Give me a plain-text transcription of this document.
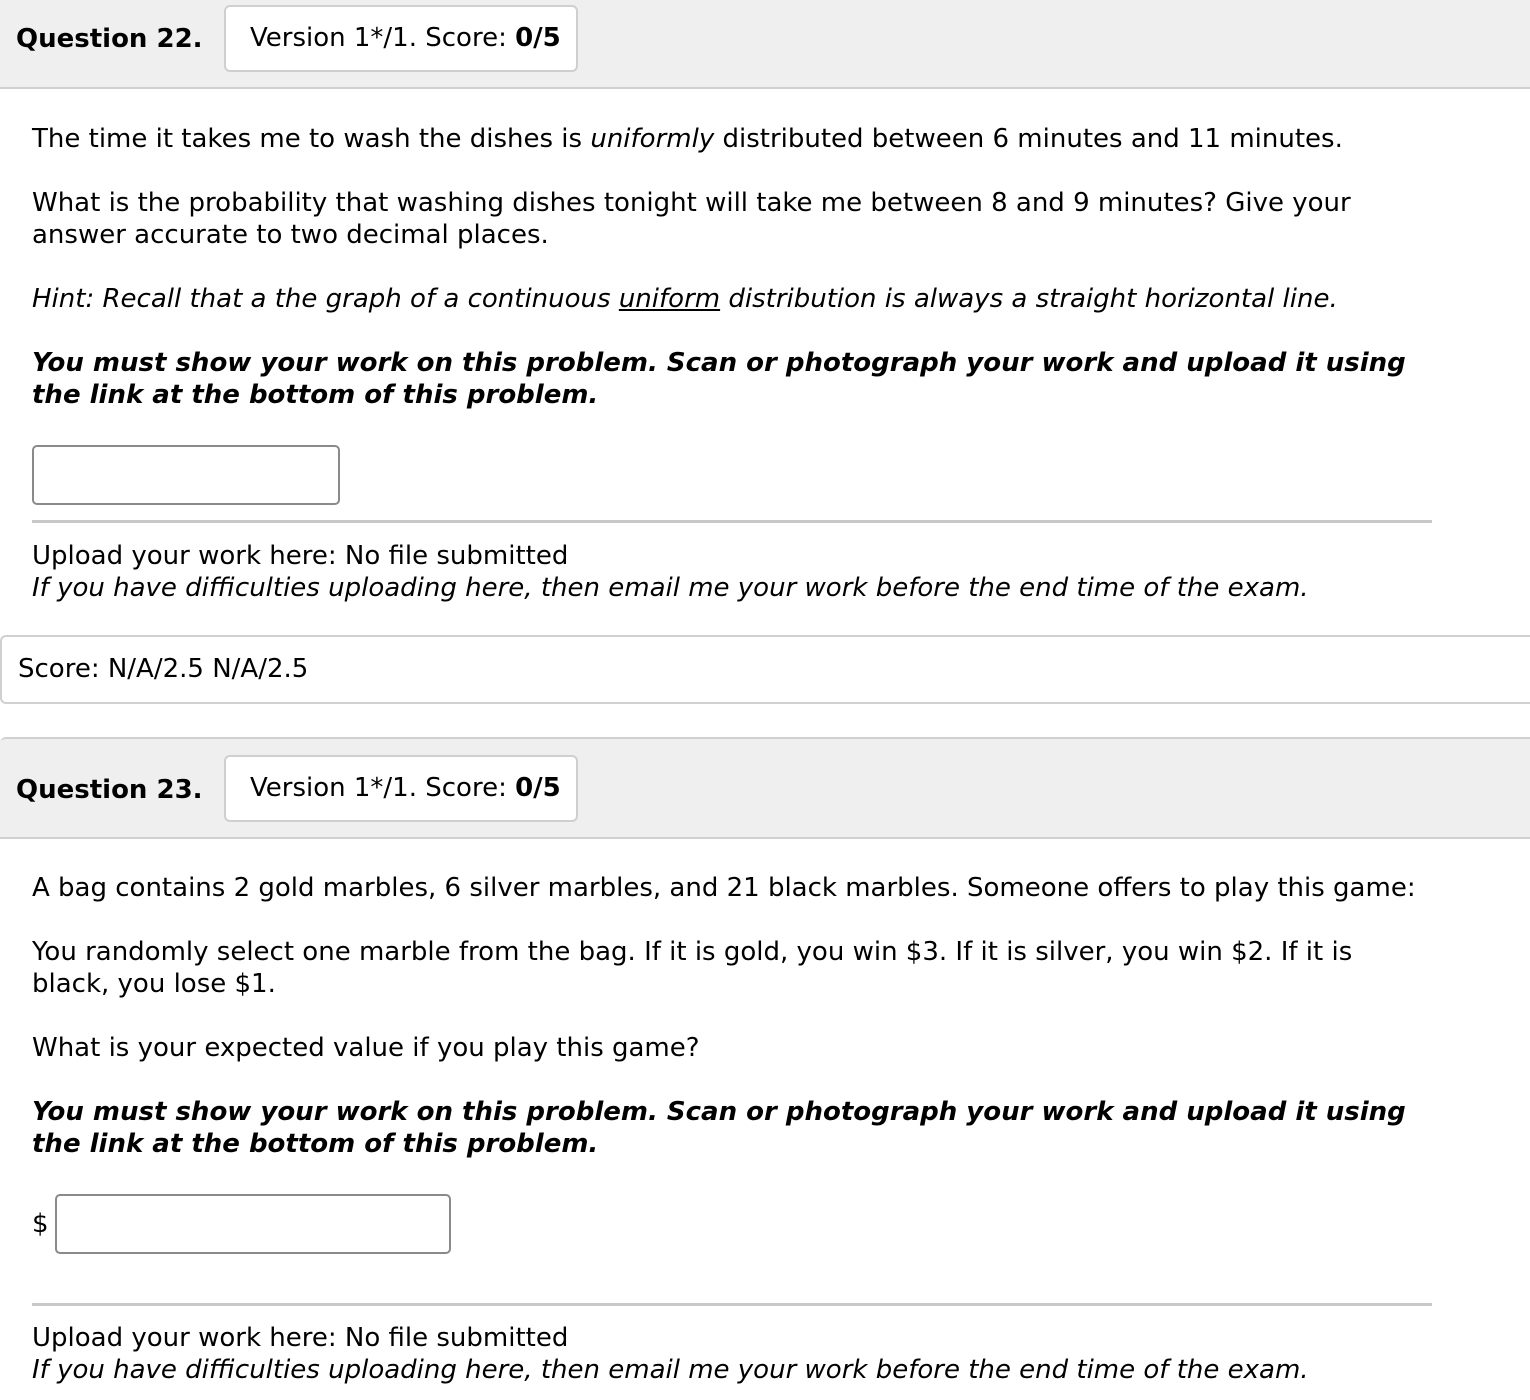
Question 22.	Version 1*/1. Score: 0/5

The time it takes me to wash the dishes is uniformly distributed between 6 minutes and 11 minutes.

What is the probability that washing dishes tonight will take me between 8 and 9 minutes? Give your answer accurate to two decimal places.

Hint: Recall that a the graph of a continuous uniform distribution is always a straight horizontal line.

You must show your work on this problem. Scan or photograph your work and upload it using the link at the bottom of this problem.

Upload your work here: No file submitted
If you have difficulties uploading here, then email me your work before the end time of the exam.
Score: N/A/2.5 N/A/2.5
Question 23.	Version 1*/1. Score: 0/5

A bag contains 2 gold marbles, 6 silver marbles, and 21 black marbles. Someone offers to play this game:

You randomly select one marble from the bag. If it is gold, you win $3. If it is silver, you win $2. If it is black, you lose $1.

What is your expected value if you play this game?

You must show your work on this problem. Scan or photograph your work and upload it using the link at the bottom of this problem.

$
Upload your work here: No file submitted
If you have difficulties uploading here, then email me your work before the end time of the exam.
